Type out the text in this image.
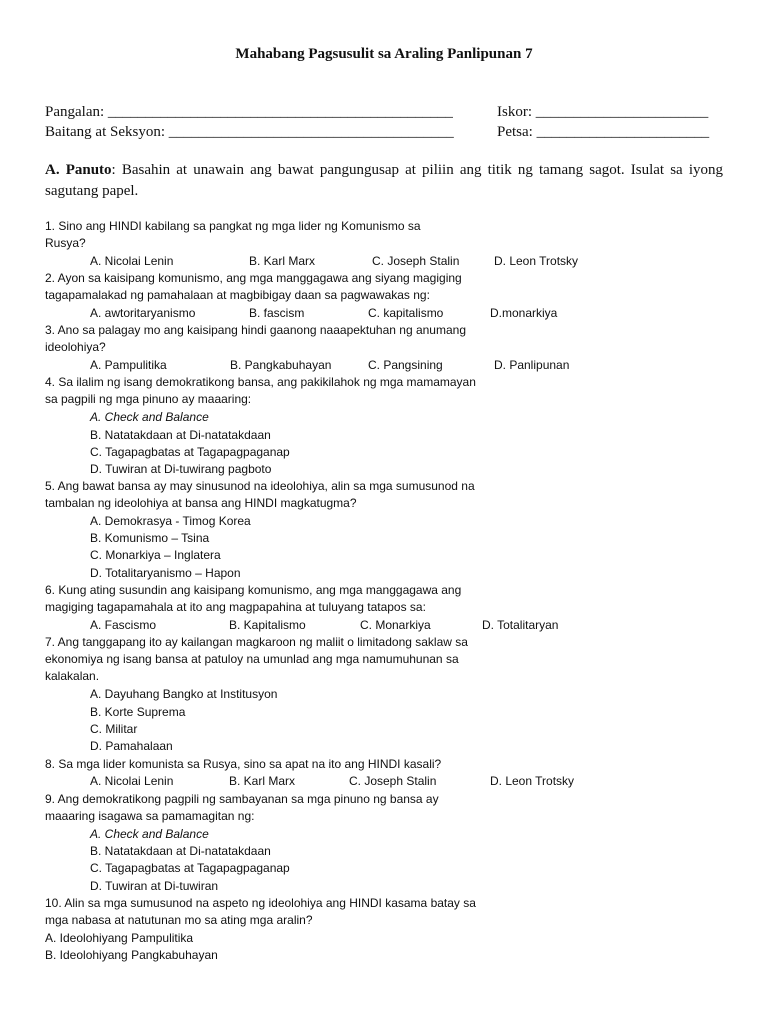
Mahabang Pagsusulit sa Araling Panlipunan 7
Pangalan: ______________________________________________	Iskor: _______________________
Baitang at Seksyon: ______________________________________	Petsa: _______________________
A. Panuto: Basahin at unawain ang bawat pangungusap at piliin ang titik ng tamang sagot. Isulat sa iyong sagutang papel.
1. Sino ang HINDI kabilang sa pangkat ng mga lider ng Komunismo sa
Rusya?
A. Nicolai Lenin	B. Karl Marx	C. Joseph Stalin	D. Leon Trotsky
2. Ayon sa kaisipang komunismo, ang mga manggagawa ang siyang magiging
tagapamalakad ng pamahalaan at magbibigay daan sa pagwawakas ng:
A. awtoritaryanismo	B. fascism	C. kapitalismo	D.monarkiya
3. Ano sa palagay mo ang kaisipang hindi gaanong naaapektuhan ng anumang
ideolohiya?
A. Pampulitika	B. Pangkabuhayan	C. Pangsining	D. Panlipunan
4. Sa ilalim ng isang demokratikong bansa, ang pakikilahok ng mga mamamayan
sa pagpili ng mga pinuno ay maaaring:
A. Check and Balance
B. Natatakdaan at Di-natatakdaan
C. Tagapagbatas at Tagapagpaganap
D. Tuwiran at Di-tuwirang pagboto
5. Ang bawat bansa ay may sinusunod na ideolohiya, alin sa mga sumusunod na
tambalan ng ideolohiya at bansa ang HINDI magkatugma?
A. Demokrasya - Timog Korea
B. Komunismo – Tsina
C. Monarkiya – Inglatera
D. Totalitaryanismo – Hapon
6. Kung ating susundin ang kaisipang komunismo, ang mga manggagawa ang
magiging tagapamahala at ito ang magpapahina at tuluyang tatapos sa:
A. Fascismo	B. Kapitalismo	C. Monarkiya	D. Totalitaryan
7. Ang tanggapang ito ay kailangan magkaroon ng maliit o limitadong saklaw sa
ekonomiya ng isang bansa at patuloy na umunlad ang mga namumuhunan sa
kalakalan.
A. Dayuhang Bangko at Institusyon
B. Korte Suprema
C. Militar
D. Pamahalaan
8. Sa mga lider komunista sa Rusya, sino sa apat na ito ang HINDI kasali?
A. Nicolai Lenin	B. Karl Marx	C. Joseph Stalin	D. Leon Trotsky
9. Ang demokratikong pagpili ng sambayanan sa mga pinuno ng bansa ay
maaaring isagawa sa pamamagitan ng:
A. Check and Balance
B. Natatakdaan at Di-natatakdaan
C. Tagapagbatas at Tagapagpaganap
D. Tuwiran at Di-tuwiran
10. Alin sa mga sumusunod na aspeto ng ideolohiya ang HINDI kasama batay sa
mga nabasa at natutunan mo sa ating mga aralin?
A. Ideolohiyang Pampulitika
B. Ideolohiyang Pangkabuhayan
